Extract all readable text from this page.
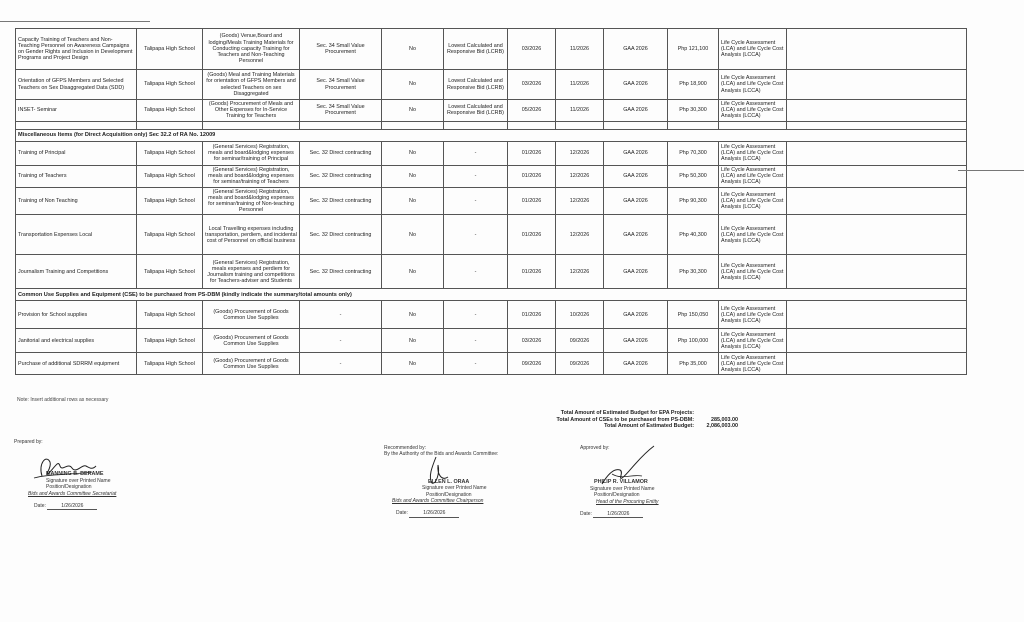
Capacity Training of Teachers and Non-Teaching Personnel on Awareness Campaigns on Gender Rights and Inclusion in Development Programs and Project Design	Talipapa High School	(Goods) Venue,Board and lodging/Meals Training Materials for Conducting capacity Training for Teachers and Non-Teaching Personnel	Sec. 34 Small Value Procurement	No	Lowest Calculated and Responsive Bid (LCRB)	03/2026	11/2026	GAA 2026	Php 121,100	Life Cycle Assessment (LCA) and Life Cycle Cost Analysis (LCCA)	
Orientation of GFPS Members and Selected Teachers on Sex Disaggregated Data (SDD)	Talipapa High School	(Goods) Meal and Training Materials for orientation of GFPS Members and selected Teachers on sex Disaggregated	Sec. 34 Small Value Procurement	No	Lowest Calculated and Responsive Bid (LCRB)	03/2026	11/2026	GAA 2026	Php 18,900	Life Cycle Assessment (LCA) and Life Cycle Cost Analysis (LCCA)	
INSET- Seminar	Talipapa High School	(Goods) Procurement of Meals and Other Expenses for In-Service Training for Teachers	Sec. 34 Small Value Procurement	No	Lowest Calculated and Responsive Bid (LCRB)	05/2026	11/2026	GAA 2026	Php 30,300	Life Cycle Assessment (LCA) and Life Cycle Cost Analysis (LCCA)	

Miscellaneous Items (for Direct Acquisition only) Sec 32.2 of RA No. 12009											
Training of Principal	Talipapa High School	(General Services) Registration, meals and board&lodging expenses for seminar/training of Principal	Sec. 32 Direct contracting	No	-	01/2026	12/2026	GAA 2026	Php 70,300	Life Cycle Assessment (LCA) and Life Cycle Cost Analysis (LCCA)	
Training of Teachers	Talipapa High School	(General Services) Registration, meals and board&lodging expenses for seminar/training of Teachers	Sec. 32 Direct contracting	No	-	01/2026	12/2026	GAA 2026	Php 50,300	Life Cycle Assessment (LCA) and Life Cycle Cost Analysis (LCCA)	
Training of Non Teaching	Talipapa High School	(General Services) Registration, meals and board&lodging expenses for seminar/training of Non-teaching Personnel	Sec. 32 Direct contracting	No	-	01/2026	12/2026	GAA 2026	Php 90,300	Life Cycle Assessment (LCA) and Life Cycle Cost Analysis (LCCA)	
Transportation Expenses Local	Talipapa High School	Local Travelling expenses including transportation, perdiem, and incidental cost of Personnel on official business	Sec. 32 Direct contracting	No	-	01/2026	12/2026	GAA 2026	Php 40,300	Life Cycle Assessment (LCA) and Life Cycle Cost Analysis (LCCA)	
Journalism Training and Competitions	Talipapa High School	(General Services) Registration, meals expenses and perdiem for Journalism training and competitions for Teachers-adviser and Students	Sec. 32 Direct contracting	No	-	01/2026	12/2026	GAA 2026	Php 30,300	Life Cycle Assessment (LCA) and Life Cycle Cost Analysis (LCCA)	
Common Use Supplies and Equipment (CSE) to be purchased from PS-DBM (kindly indicate the summary/total amounts only)											
Provision for School supplies	Talipapa High School	(Goods) Procurement of Goods Common Use Supplies	-	No	-	01/2026	10/2026	GAA 2026	Php 150,050	Life Cycle Assessment (LCA) and Life Cycle Cost Analysis (LCCA)	
Janitorial and electrical supplies	Talipapa High School	(Goods) Procurement of Goods Common Use Supplies	-	No	-	03/2026	09/2026	GAA 2026	Php 100,000	Life Cycle Assessment (LCA) and Life Cycle Cost Analysis (LCCA)	
Purchase of additional SDRRM equipment	Talipapa High School	(Goods) Procurement of Goods Common Use Supplies	-	No	-	09/2026	09/2026	GAA 2026	Php 35,000	Life Cycle Assessment (LCA) and Life Cycle Cost Analysis (LCCA)	
Note: Insert additional rows as necessary
Total Amount of Estimated Budget for EPA Projects:
Total Amount of CSEs to be purchased from PS-DBM:	285,003.00
Total Amount of Estimated Budget:	2,086,003.00
Prepared by:
MANNING B. BERAME
Signature over Printed Name
Position/Designation
Bids and Awards Committee Secretariat
Date:	1/26/2026
Recommended by:
By the Authority of the Bids and Awards Committee:
ELLEN L. ORAA
Signature over Printed Name
Position/Designation
Bids and Awards Committee Chairperson
Date:	1/26/2026
Approved by:
PHILIP R. VILLAMOR
Signature over Printed Name
Position/Designation
Head of the Procuring Entity
Date:	1/26/2026
